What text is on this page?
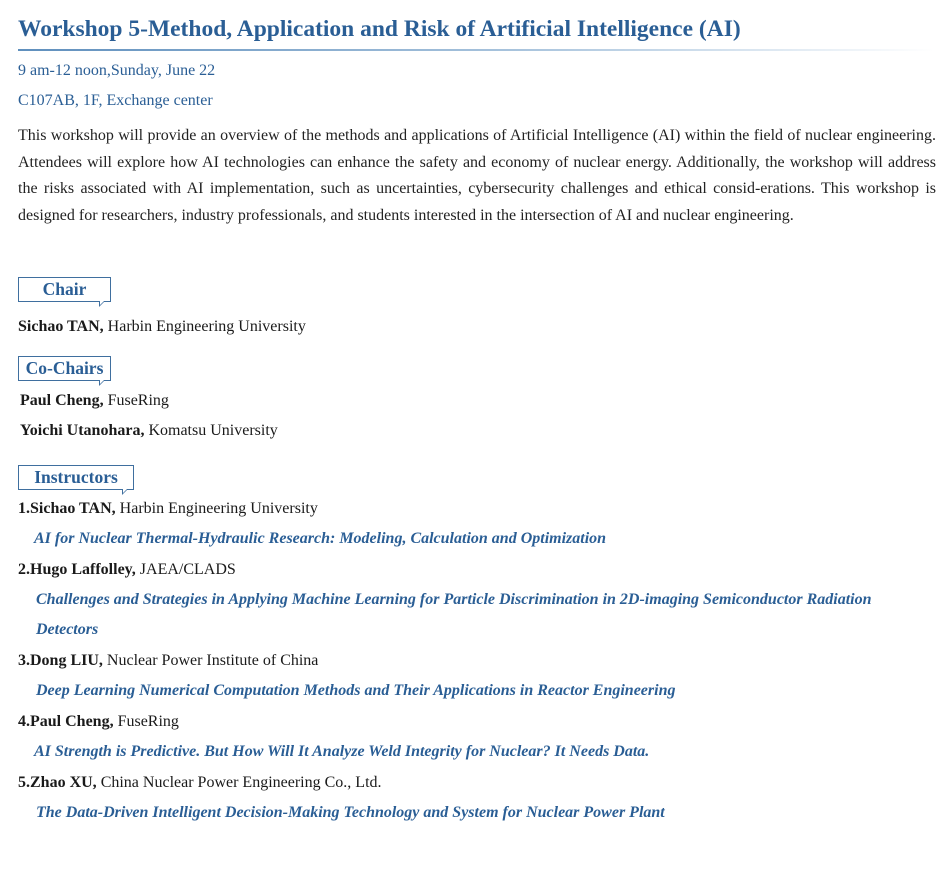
Workshop 5-Method, Application and Risk of Artificial Intelligence (AI)
9 am-12 noon,Sunday, June 22
C107AB, 1F, Exchange center
This workshop will provide an overview of the methods and applications of Artificial Intelligence (AI) within the field of nuclear engineering. Attendees will explore how AI technologies can enhance the safety and economy of nuclear energy. Additionally, the workshop will address the risks associated with AI implementation, such as uncertainties, cybersecurity challenges and ethical consid-erations. This workshop is designed for researchers, industry professionals, and students interested in the intersection of AI and nuclear engineering.
Chair
Sichao TAN, Harbin Engineering University
Co-Chairs
Paul Cheng, FuseRing
Yoichi Utanohara, Komatsu University
Instructors
1.Sichao TAN, Harbin Engineering University
AI for Nuclear Thermal-Hydraulic Research: Modeling, Calculation and Optimization
2.Hugo Laffolley, JAEA/CLADS
Challenges and Strategies in Applying Machine Learning for Particle Discrimination in 2D-imaging Semiconductor Radiation Detectors
3.Dong LIU, Nuclear Power Institute of China
Deep Learning Numerical Computation Methods and Their Applications in Reactor Engineering
4.Paul Cheng, FuseRing
AI Strength is Predictive. But How Will It Analyze Weld Integrity for Nuclear? It Needs Data.
5.Zhao XU, China Nuclear Power Engineering Co., Ltd.
The Data-Driven Intelligent Decision-Making Technology and System for Nuclear Power Plant
